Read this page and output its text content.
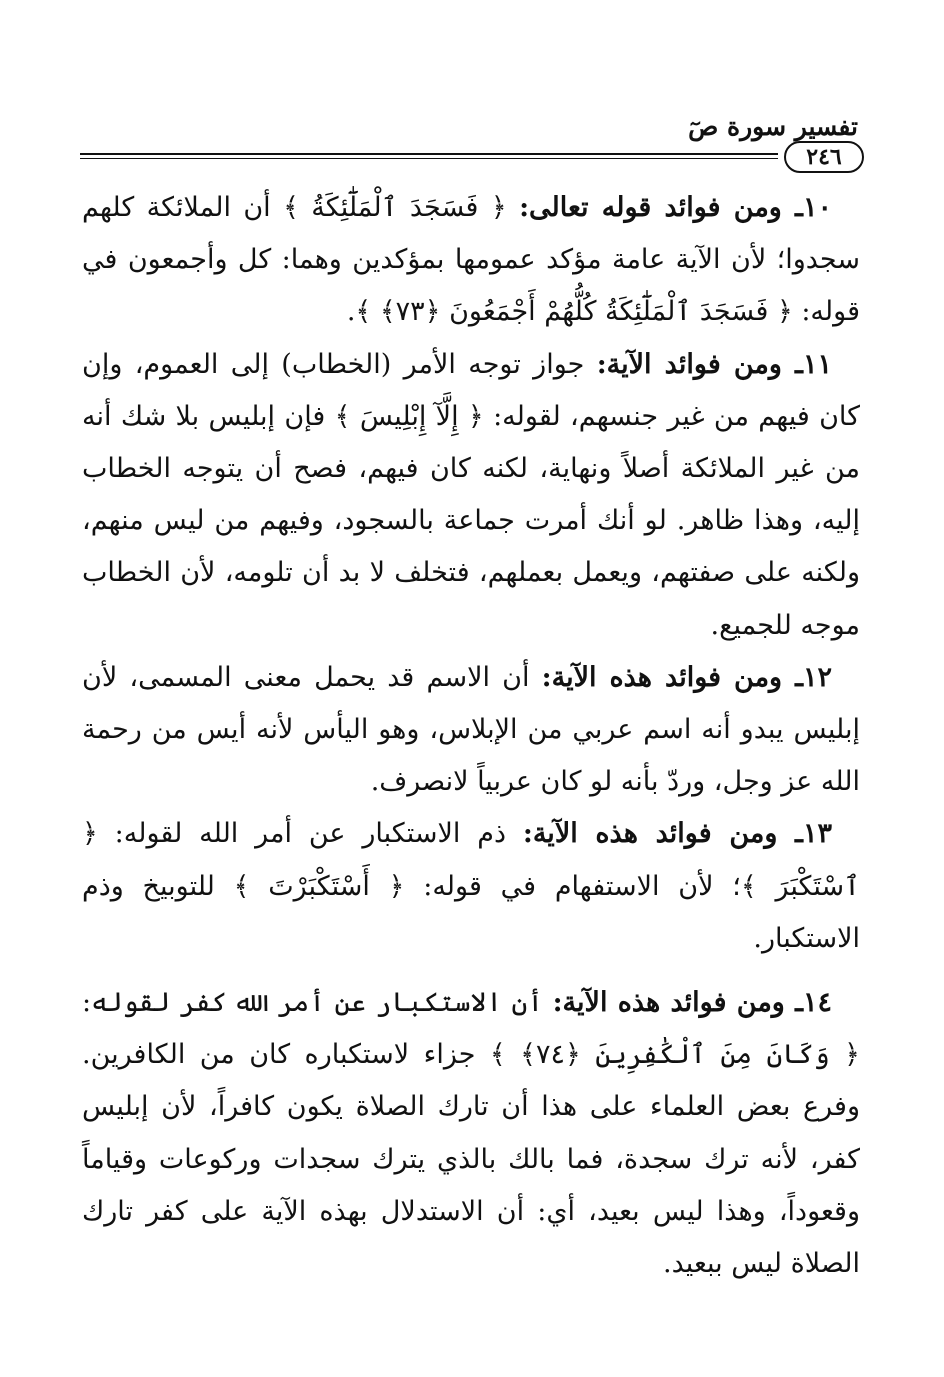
تفسير سورة صٓ
٢٤٦

١٠ـ ومن فوائد قوله تعالى: ﴿ فَسَجَدَ ٱلْمَلَٰٓئِكَةُ ﴾ أن الملائكة كلهم سجدوا؛ لأن الآية عامة مؤكد عمومها بمؤكدين وهما: كل وأجمعون في قوله: ﴿ فَسَجَدَ ٱلْمَلَٰٓئِكَةُ كُلُّهُمْ أَجْمَعُونَ ﴿٧٣﴾ ﴾.

١١ـ ومن فوائد الآية: جواز توجه الأمر (الخطاب) إلى العموم، وإن كان فيهم من غير جنسهم، لقوله: ﴿ إِلَّآ إِبْلِيسَ ﴾ فإن إبليس بلا شك أنه من غير الملائكة أصلاً ونهاية، لكنه كان فيهم، فصح أن يتوجه الخطاب إليه، وهذا ظاهر. لو أنك أمرت جماعة بالسجود، وفيهم من ليس منهم، ولكنه على صفتهم، ويعمل بعملهم، فتخلف لا بد أن تلومه، لأن الخطاب موجه للجميع.

١٢ـ ومن فوائد هذه الآية: أن الاسم قد يحمل معنى المسمى، لأن إبليس يبدو أنه اسم عربي من الإبلاس، وهو اليأس لأنه أيس من رحمة الله عز وجل، وردّ بأنه لو كان عربياً لانصرف.

١٣ـ ومن فوائد هذه الآية: ذم الاستكبار عن أمر الله لقوله: ﴿ ٱسْتَكْبَرَ ﴾؛ لأن الاستفهام في قوله: ﴿ أَسْتَكْبَرْتَ ﴾ للتوبيخ وذم الاستكبار.

١٤ـ ومن فوائد هذه الآية: أن الاستكبار عن أمر الله كفر لقوله: ﴿ وَكَانَ مِنَ ٱلْكَٰفِرِينَ ﴿٧٤﴾ ﴾ جزاء لاستكباره كان من الكافرين. وفرع بعض العلماء على هذا أن تارك الصلاة يكون كافراً، لأن إبليس كفر، لأنه ترك سجدة، فما بالك بالذي يترك سجدات وركوعات وقياماً وقعوداً، وهذا ليس بعيد، أي: أن الاستدلال بهذه الآية على كفر تارك الصلاة ليس ببعيد.
